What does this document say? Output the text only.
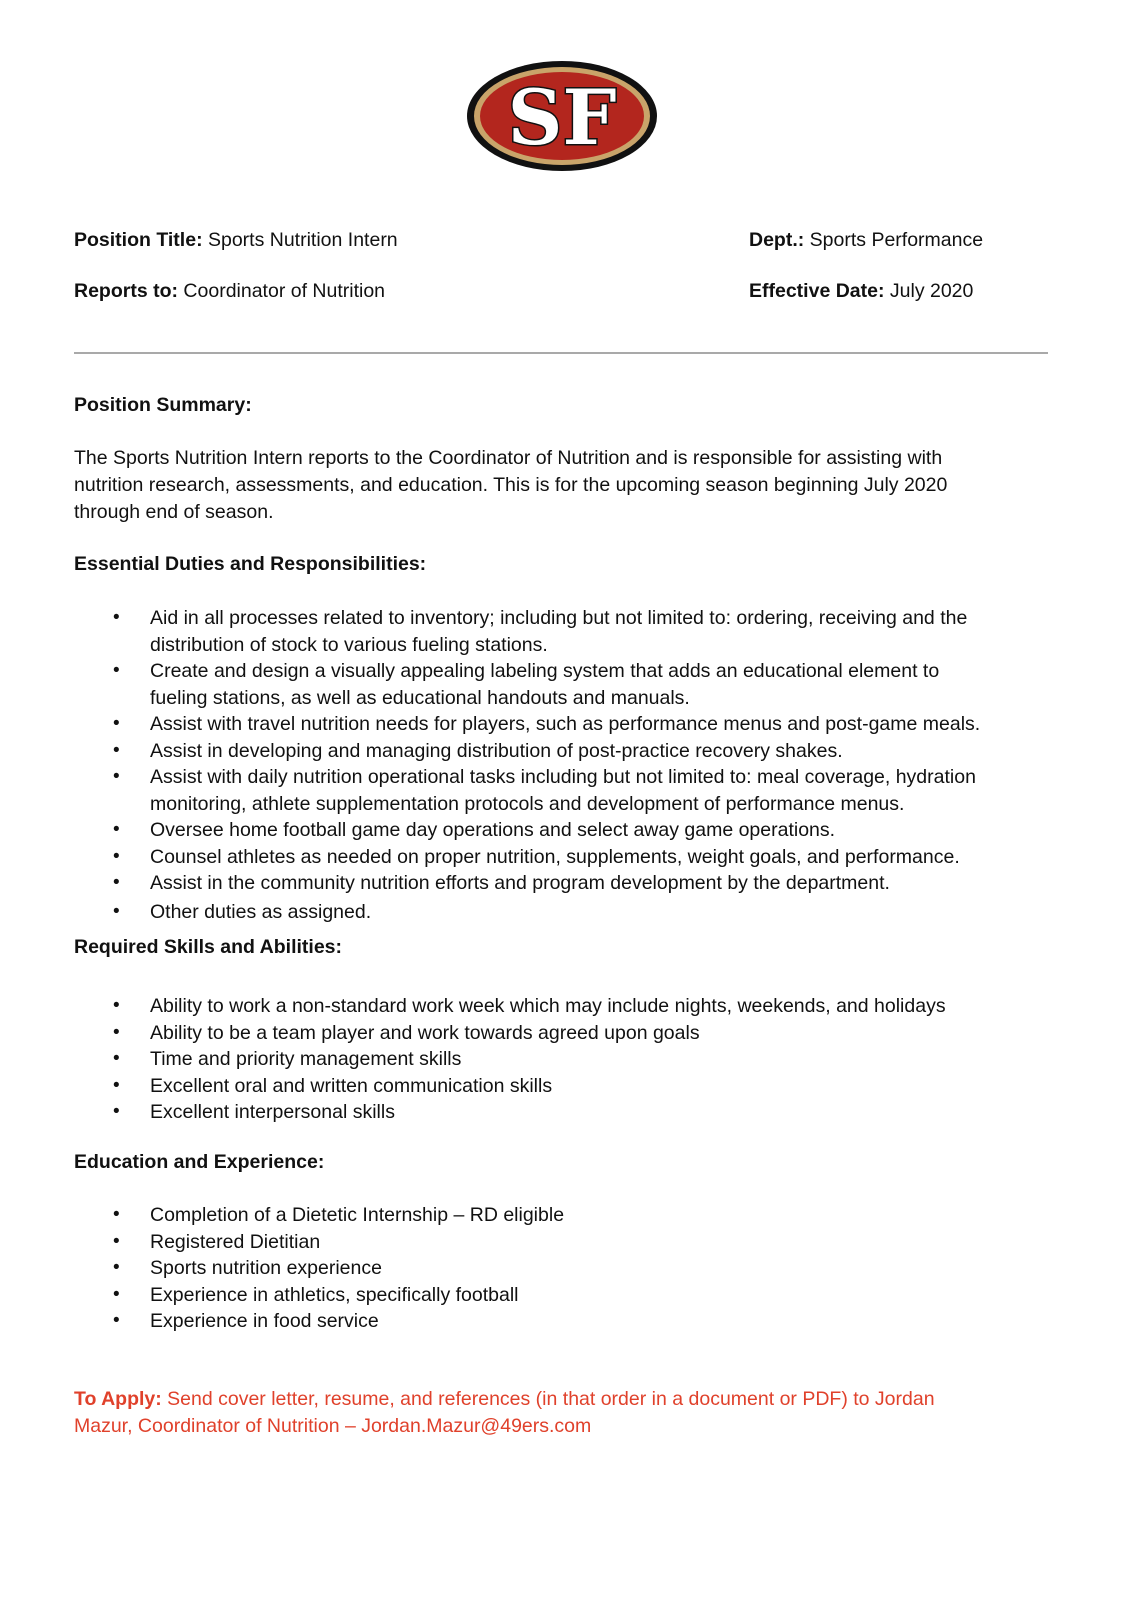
SF
Position Title: Sports Nutrition Intern	Dept.: Sports Performance
Reports to: Coordinator of Nutrition	Effective Date: July 2020
Position Summary:
The Sports Nutrition Intern reports to the Coordinator of Nutrition and is responsible for assisting with
nutrition research, assessments, and education. This is for the upcoming season beginning July 2020
through end of season.
Essential Duties and Responsibilities:
• Aid in all processes related to inventory; including but not limited to: ordering, receiving and the
distribution of stock to various fueling stations.
• Create and design a visually appealing labeling system that adds an educational element to
fueling stations, as well as educational handouts and manuals.
• Assist with travel nutrition needs for players, such as performance menus and post-game meals.
• Assist in developing and managing distribution of post-practice recovery shakes.
• Assist with daily nutrition operational tasks including but not limited to: meal coverage, hydration
monitoring, athlete supplementation protocols and development of performance menus.
• Oversee home football game day operations and select away game operations.
• Counsel athletes as needed on proper nutrition, supplements, weight goals, and performance.
• Assist in the community nutrition efforts and program development by the department.
• Other duties as assigned.
Required Skills and Abilities:
• Ability to work a non-standard work week which may include nights, weekends, and holidays
• Ability to be a team player and work towards agreed upon goals
• Time and priority management skills
• Excellent oral and written communication skills
• Excellent interpersonal skills
Education and Experience:
• Completion of a Dietetic Internship – RD eligible
• Registered Dietitian
• Sports nutrition experience
• Experience in athletics, specifically football
• Experience in food service
To Apply: Send cover letter, resume, and references (in that order in a document or PDF) to Jordan
Mazur, Coordinator of Nutrition – Jordan.Mazur@49ers.com
